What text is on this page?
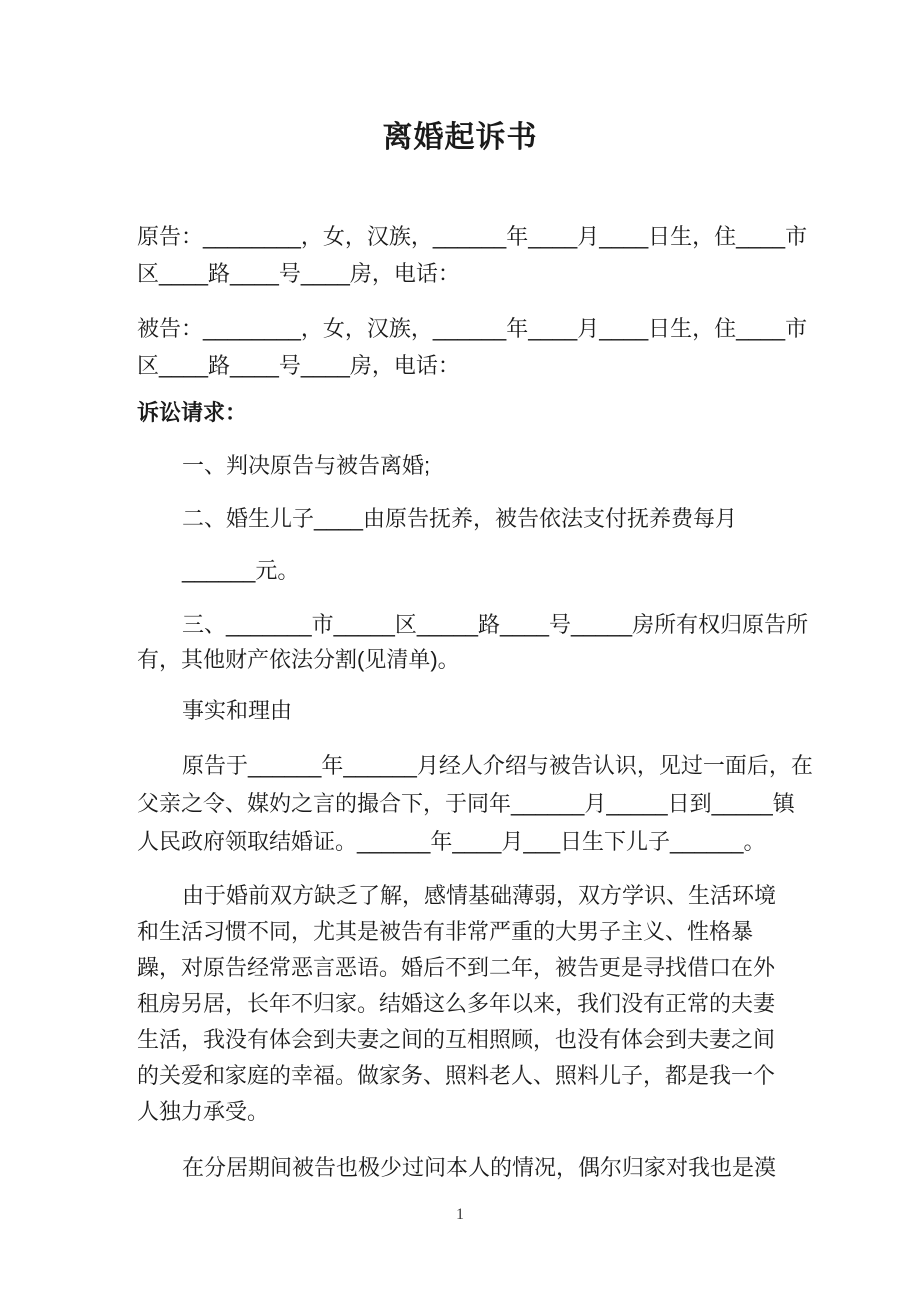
离婚起诉书
原告：________，女，汉族，______年____月____日生，住____市
区____路____号____房，电话：
被告：________，女，汉族，______年____月____日生，住____市
区____路____号____房，电话：
诉讼请求：
一、判决原告与被告离婚;
二、婚生儿子____由原告抚养，被告依法支付抚养费每月
______元。
三、_______市_____区_____路____号_____房所有权归原告所
有，其他财产依法分割(见清单)。
事实和理由
原告于______年______月经人介绍与被告认识，见过一面后，在
父亲之令、媒妁之言的撮合下，于同年______月_____日到_____镇
人民政府领取结婚证。______年____月___日生下儿子______。
由于婚前双方缺乏了解，感情基础薄弱，双方学识、生活环境
和生活习惯不同，尤其是被告有非常严重的大男子主义、性格暴
躁，对原告经常恶言恶语。婚后不到二年，被告更是寻找借口在外
租房另居，长年不归家。结婚这么多年以来，我们没有正常的夫妻
生活，我没有体会到夫妻之间的互相照顾，也没有体会到夫妻之间
的关爱和家庭的幸福。做家务、照料老人、照料儿子，都是我一个
人独力承受。
在分居期间被告也极少过问本人的情况，偶尔归家对我也是漠
1
